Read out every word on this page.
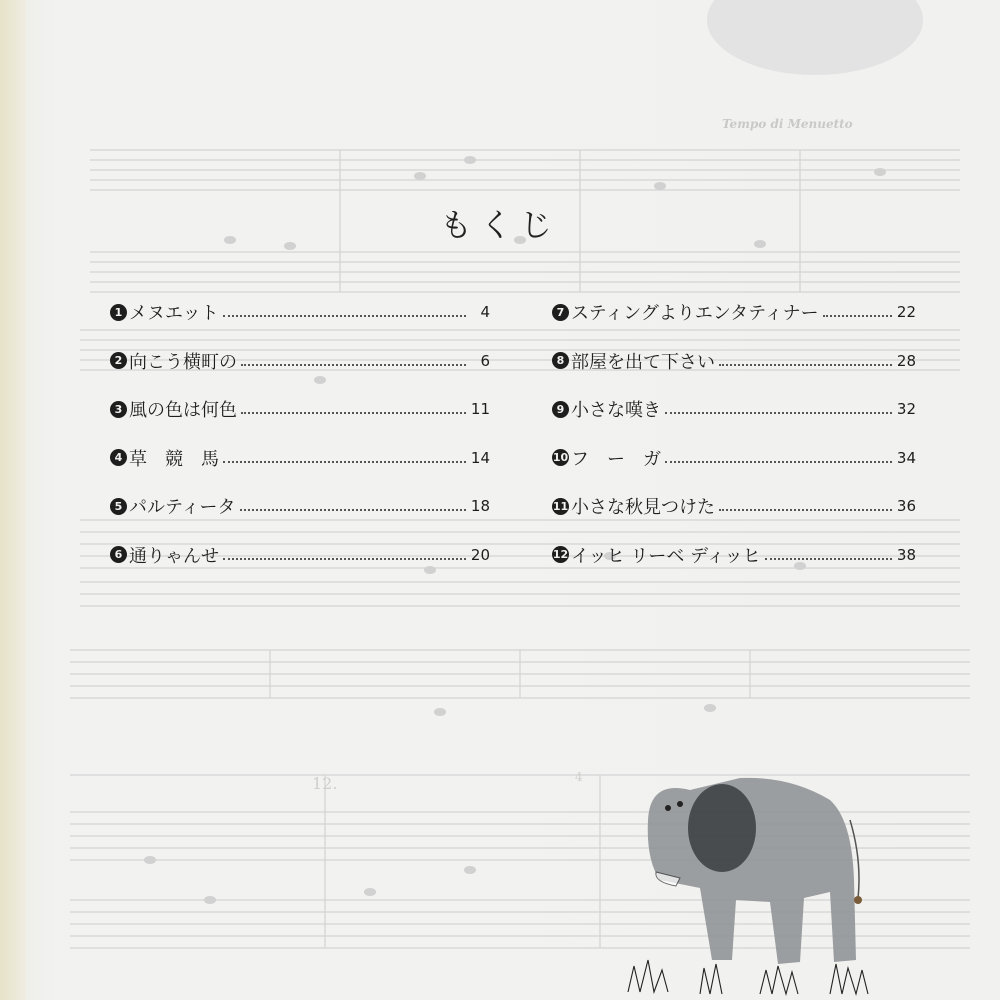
12.	4
Tempo di Menuetto
もくじ
1 メヌエット	4
2 向こう横町の	6
3 風の色は何色	11
4 草　競　馬	14
5 パルティータ	18
6 通りゃんせ	20
7 スティングよりエンタティナー	22
8 部屋を出て下さい	28
9 小さな嘆き	32
10 フ　ー　ガ	34
11 小さな秋見つけた	36
12 イッヒ リーベ ディッヒ	38
